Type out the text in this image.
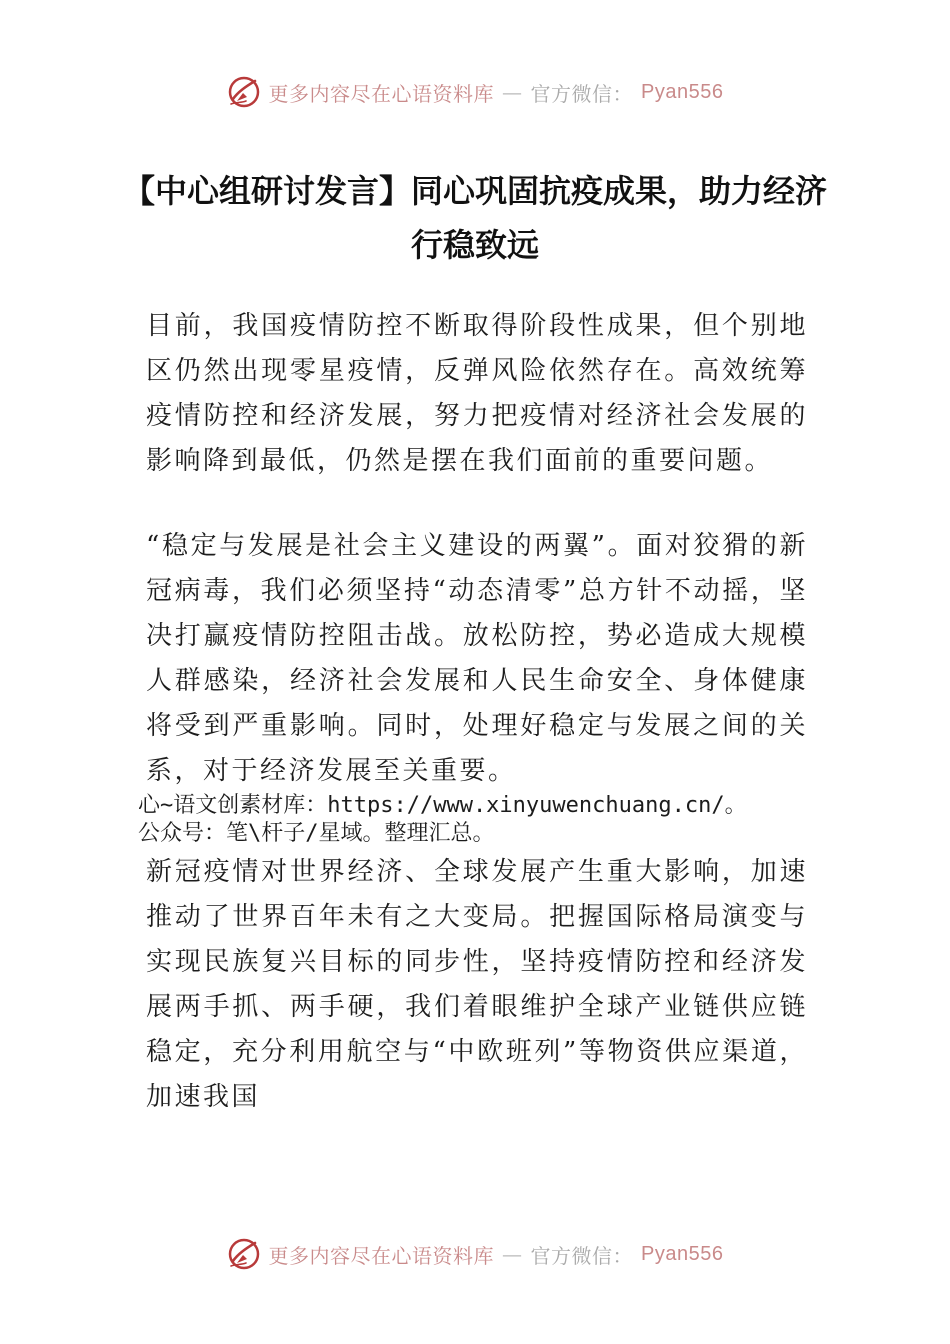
更多内容尽在心语资料库 — 官方微信： Pyan556
【中心组研讨发言】同心巩固抗疫成果，助力经济行稳致远
目前，我国疫情防控不断取得阶段性成果，但个别地区仍然出现零星疫情，反弹风险依然存在。高效统筹疫情防控和经济发展，努力把疫情对经济社会发展的影响降到最低，仍然是摆在我们面前的重要问题。
“稳定与发展是社会主义建设的两翼”。面对狡猾的新冠病毒，我们必须坚持“动态清零”总方针不动摇，坚决打赢疫情防控阻击战。放松防控，势必造成大规模人群感染，经济社会发展和人民生命安全、身体健康将受到严重影响。同时，处理好稳定与发展之间的关系，对于经济发展至关重要。
心~语文创素材库：https://www.xinyuwenchuang.cn/。
公众号：笔\杆子/星域。整理汇总。
新冠疫情对世界经济、全球发展产生重大影响，加速推动了世界百年未有之大变局。把握国际格局演变与实现民族复兴目标的同步性，坚持疫情防控和经济发展两手抓、两手硬，我们着眼维护全球产业链供应链稳定，充分利用航空与“中欧班列”等物资供应渠道，加速我国
更多内容尽在心语资料库 — 官方微信： Pyan556
